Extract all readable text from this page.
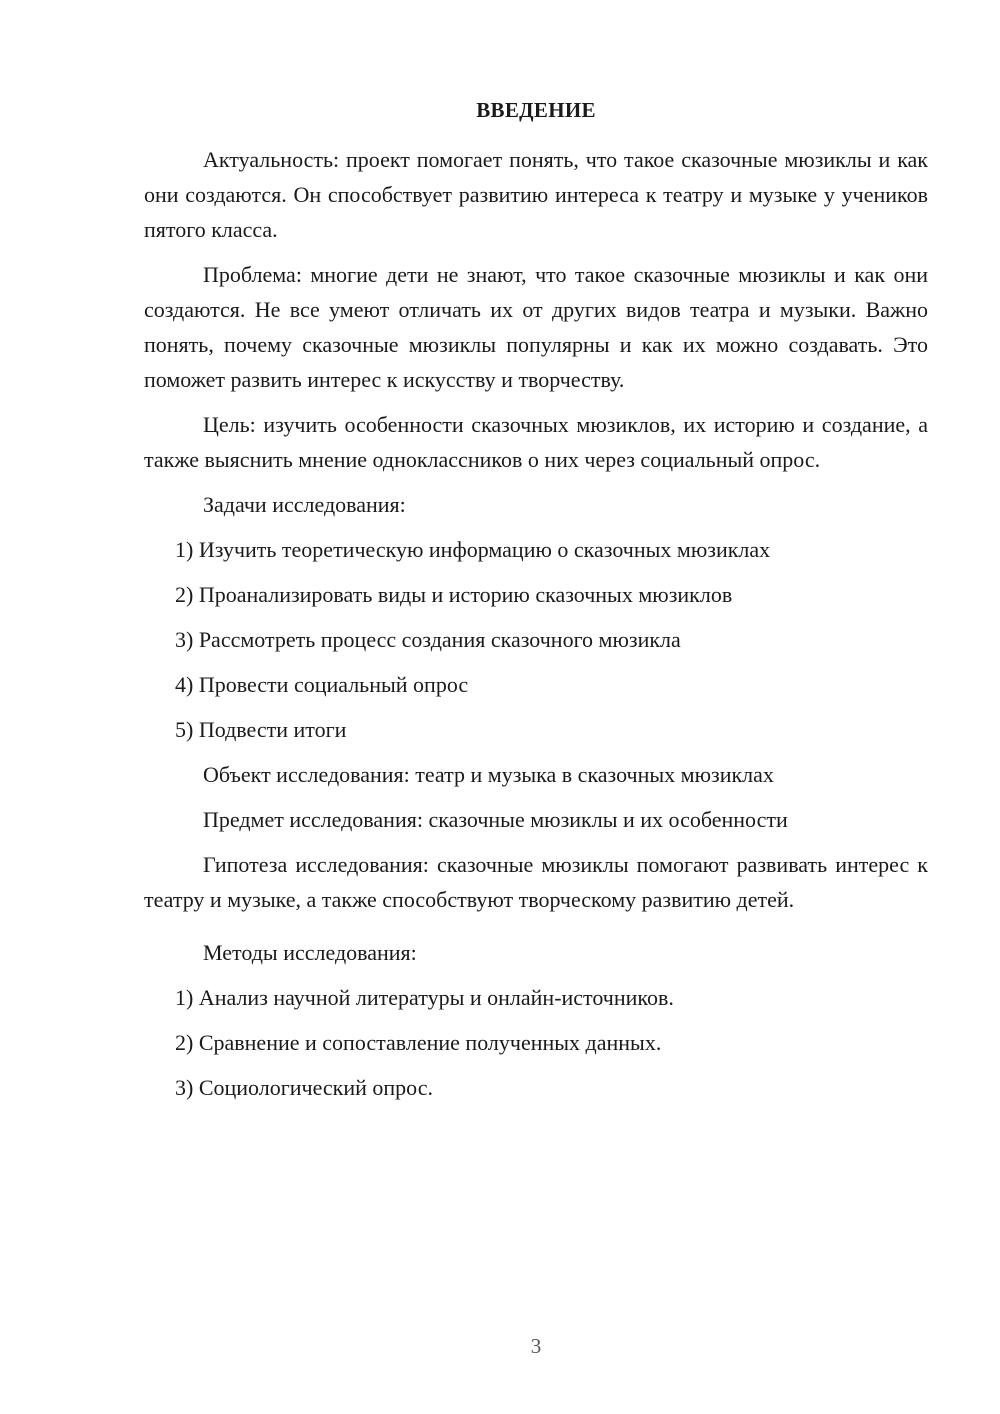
ВВЕДЕНИЕ

Актуальность: проект помогает понять, что такое сказочные мюзиклы и как они создаются. Он способствует развитию интереса к театру и музыке у учеников пятого класса.

Проблема: многие дети не знают, что такое сказочные мюзиклы и как они создаются. Не все умеют отличать их от других видов театра и музыки. Важно понять, почему сказочные мюзиклы популярны и как их можно создавать. Это поможет развить интерес к искусству и творчеству.

Цель: изучить особенности сказочных мюзиклов, их историю и создание, а также выяснить мнение одноклассников о них через социальный опрос.

Задачи исследования:

1) Изучить теоретическую информацию о сказочных мюзиклах

2) Проанализировать виды и историю сказочных мюзиклов

3) Рассмотреть процесс создания сказочного мюзикла

4) Провести социальный опрос

5) Подвести итоги

Объект исследования: театр и музыка в сказочных мюзиклах

Предмет исследования: сказочные мюзиклы и их особенности

Гипотеза исследования: сказочные мюзиклы помогают развивать интерес к театру и музыке, а также способствуют творческому развитию детей.

Методы исследования:

1) Анализ научной литературы и онлайн-источников.

2) Сравнение и сопоставление полученных данных.

3) Социологический опрос.

3
